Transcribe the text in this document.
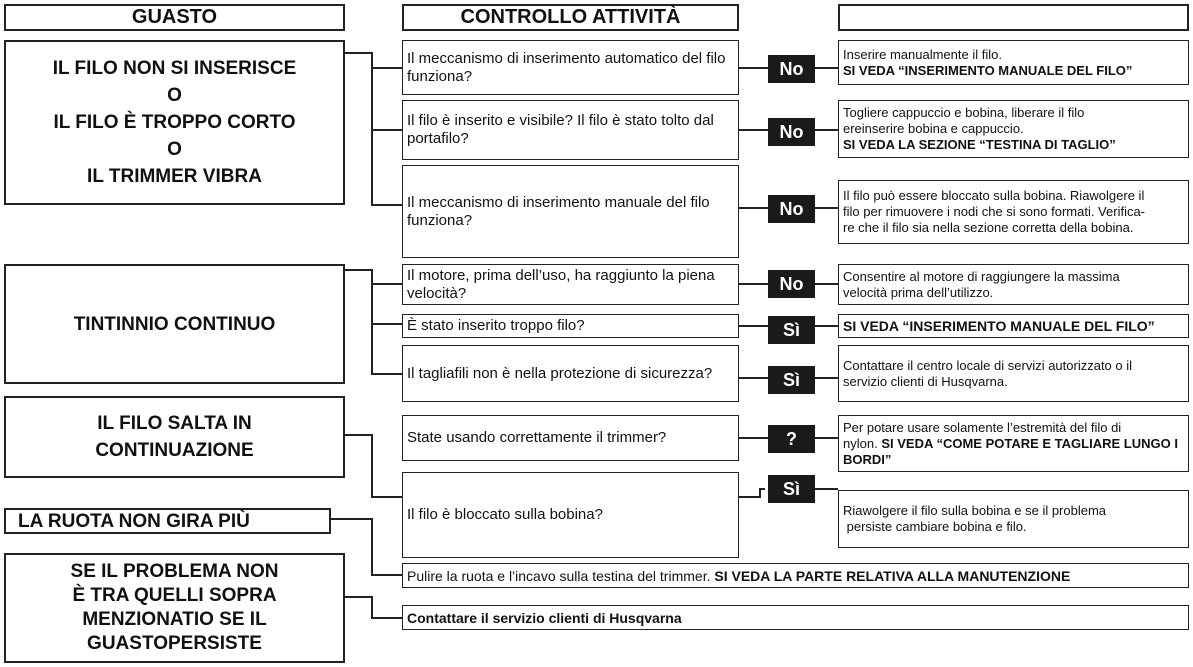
GUASTO	CONTROLLO ATTIVITÀ
IL FILO NON SI INSERISCE
O
IL FILO È TROPPO CORTO
O
IL TRIMMER VIBRA
TINTINNIO CONTINUO
IL FILO SALTA IN
CONTINUAZIONE
LA RUOTA NON GIRA PIÙ
SE IL PROBLEMA NON
È TRA QUELLI SOPRA
MENZIONATIO SE IL
GUASTOPERSISTE
Il meccanismo di inserimento automatico del filo funziona?
Il filo è inserito e visibile? Il filo è stato tolto dal portafilo?
Il meccanismo di inserimento manuale del filo funziona?
Il motore, prima dell’uso, ha raggiunto la piena velocità?
È stato inserito troppo filo?
Il tagliafili non è nella protezione di sicurezza?
State usando correttamente il trimmer?
Il filo è bloccato sulla bobina?
No
No
No
No
Sì
Sì
?
Sì
Inserire manualmente il filo.
SI VEDA “INSERIMENTO MANUALE DEL FILO”
Togliere cappuccio e bobina, liberare il filo
ereinserire bobina e cappuccio.
SI VEDA LA SEZIONE “TESTINA DI TAGLIO”
Il filo può essere bloccato sulla bobina. Riawolgere il
filo per rimuovere i nodi che si sono formati. Verifica-
re che il filo sia nella sezione corretta della bobina.
Consentire al motore di raggiungere la massima
velocità prima dell’utilizzo.
SI VEDA “INSERIMENTO MANUALE DEL FILO”
Contattare il centro locale di servizi autorizzato o il
servizio clienti di Husqvarna.
Per potare usare solamente l’estremità del filo di
nylon. SI VEDA “COME POTARE E TAGLIARE LUNGO I BORDI”
Riawolgere il filo sulla bobina e se il problema
persiste cambiare bobina e filo.
Pulire la ruota e l’incavo sulla testina del trimmer.
SI VEDA LA PARTE RELATIVA ALLA MANUTENZIONE
Contattare il servizio clienti di Husqvarna
